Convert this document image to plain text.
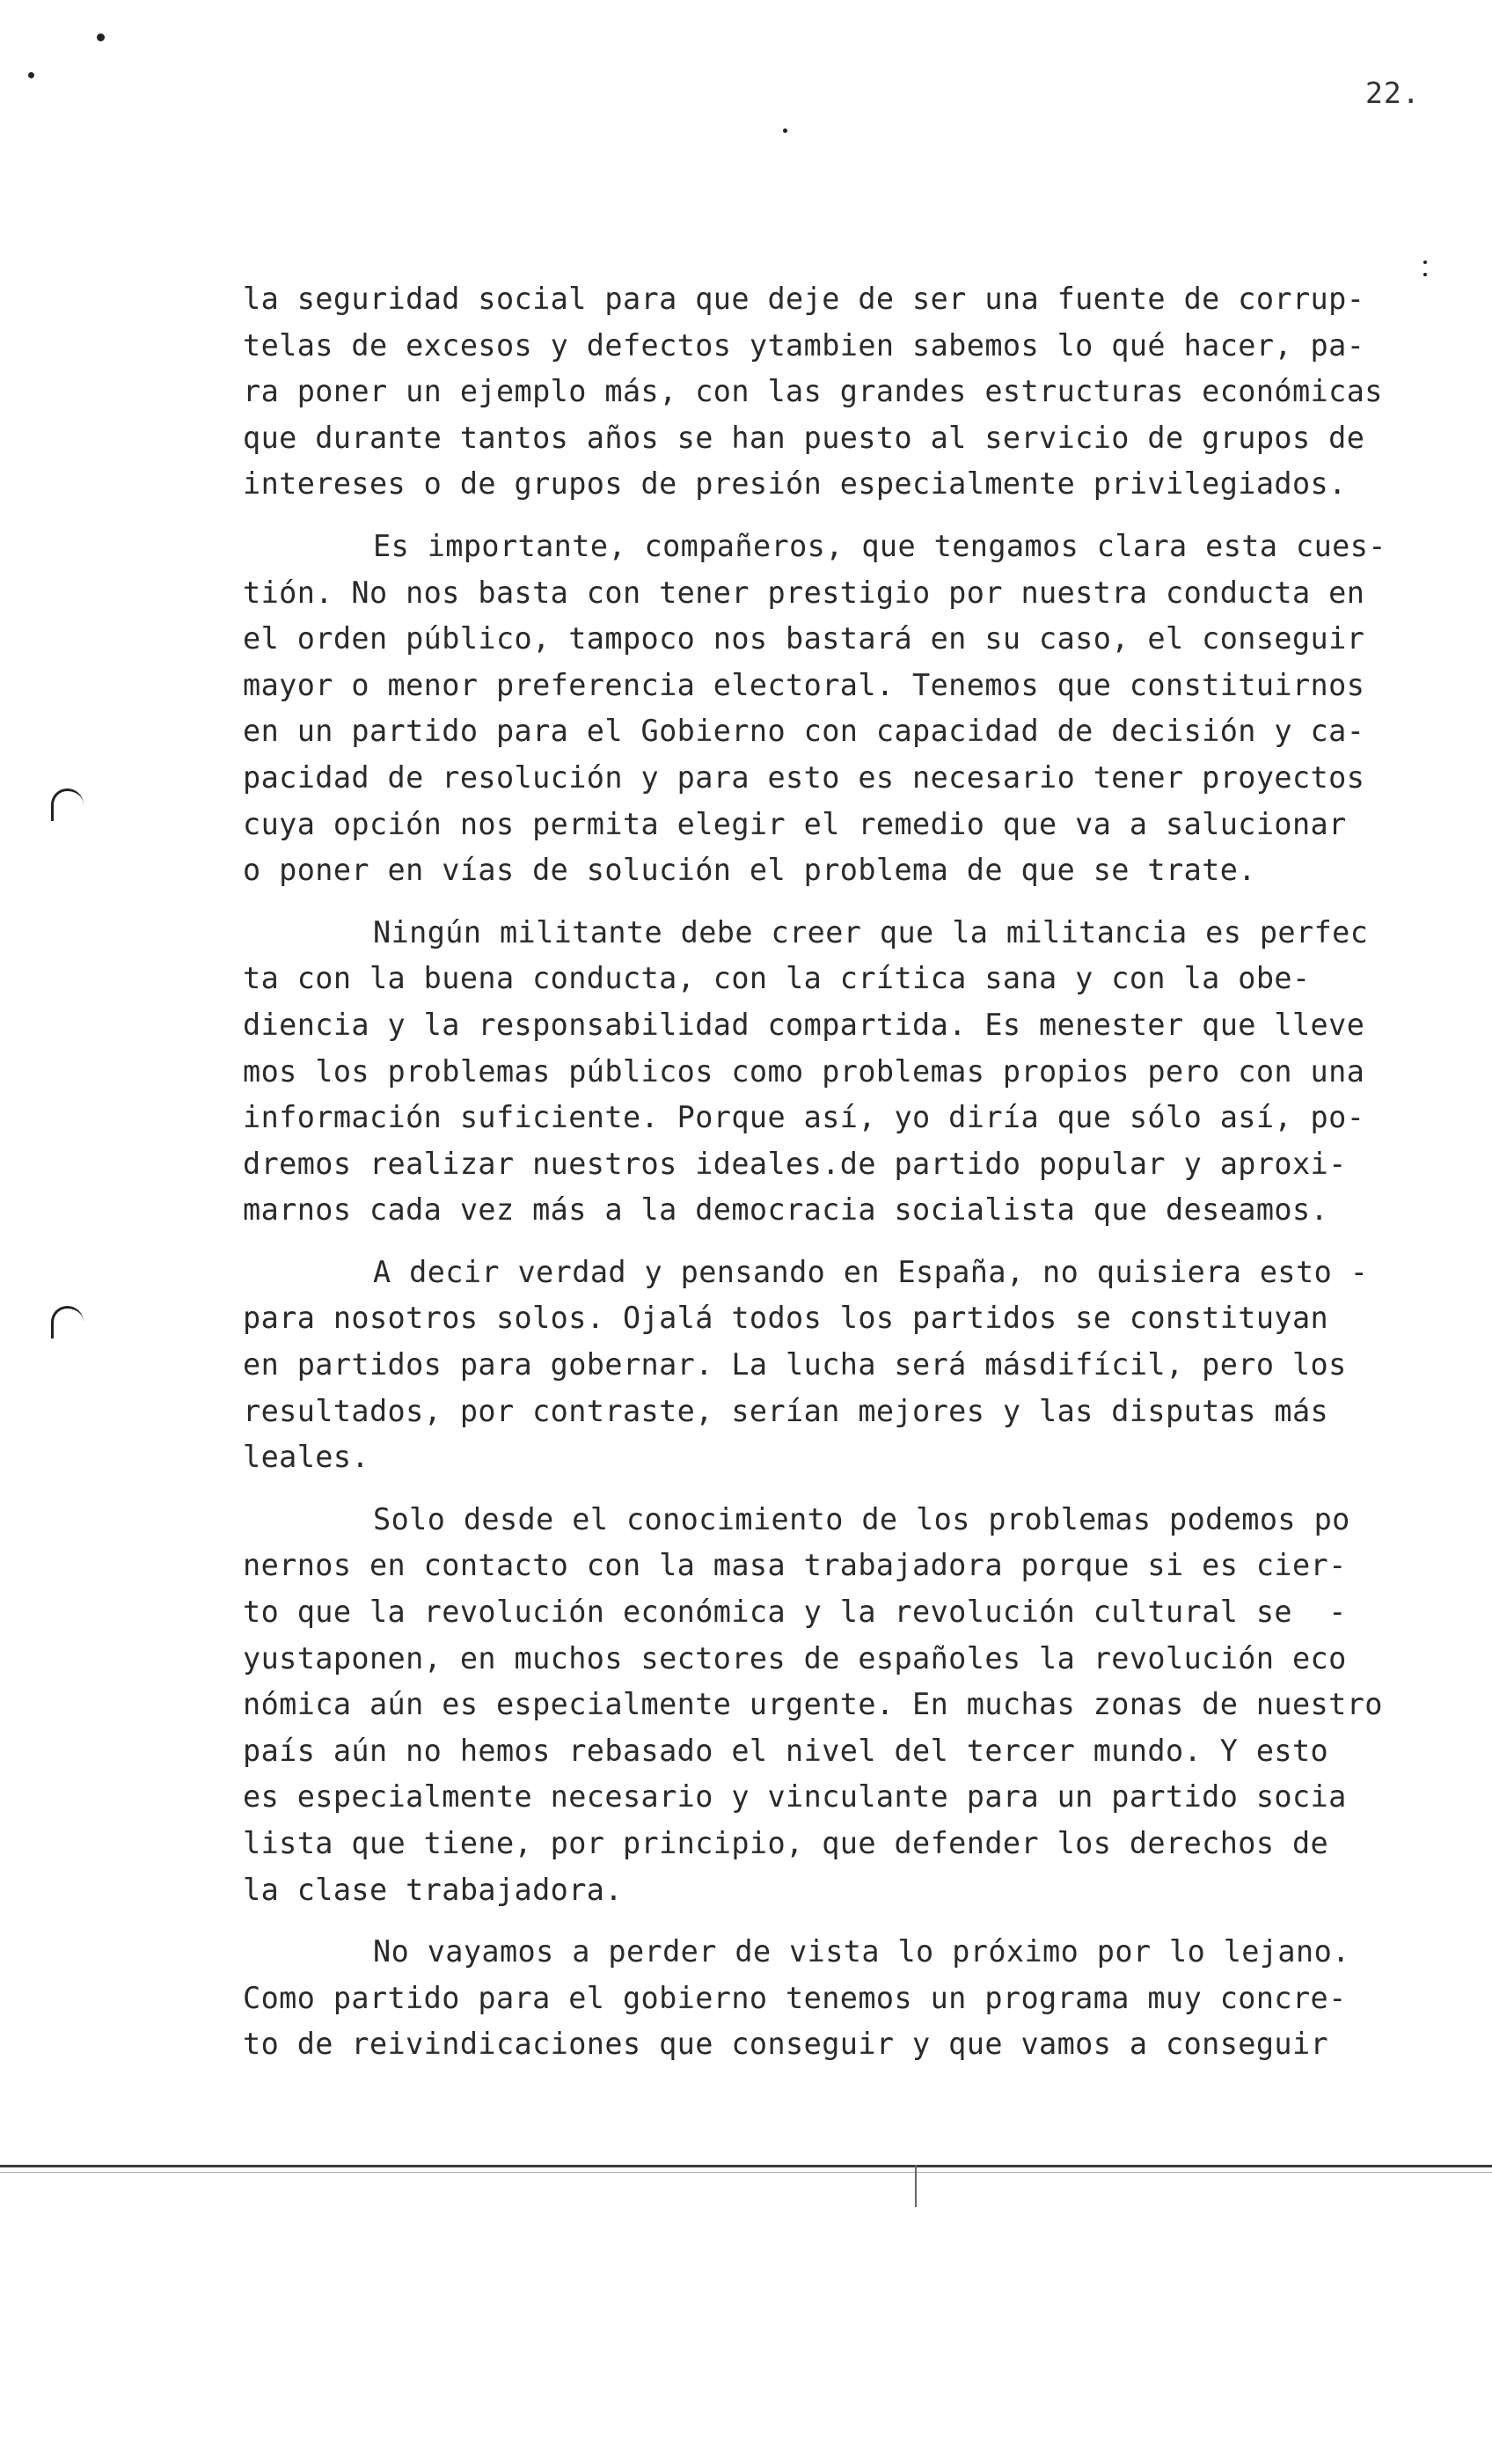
22.
la seguridad social para que deje de ser una fuente de corrup-
telas de excesos y defectos ytambien sabemos lo qué hacer, pa-
ra poner un ejemplo más, con las grandes estructuras económicas
que durante tantos años se han puesto al servicio de grupos de
intereses o de grupos de presión especialmente privilegiados.
Es importante, compañeros, que tengamos clara esta cues-
tión. No nos basta con tener prestigio por nuestra conducta en
el orden público, tampoco nos bastará en su caso, el conseguir
mayor o menor preferencia electoral. Tenemos que constituirnos
en un partido para el Gobierno con capacidad de decisión y ca-
pacidad de resolución y para esto es necesario tener proyectos
cuya opción nos permita elegir el remedio que va a salucionar
o poner en vías de solución el problema de que se trate.
Ningún militante debe creer que la militancia es perfec
ta con la buena conducta, con la crítica sana y con la obe-
diencia y la responsabilidad compartida. Es menester que lleve
mos los problemas públicos como problemas propios pero con una
información suficiente. Porque así, yo diría que sólo así, po-
dremos realizar nuestros ideales.de partido popular y aproxi-
marnos cada vez más a la democracia socialista que deseamos.
A decir verdad y pensando en España, no quisiera esto -
para nosotros solos. Ojalá todos los partidos se constituyan
en partidos para gobernar. La lucha será másdifícil, pero los
resultados, por contraste, serían mejores y las disputas más
leales.
Solo desde el conocimiento de los problemas podemos po
nernos en contacto con la masa trabajadora porque si es cier-
to que la revolución económica y la revolución cultural se  -
yustaponen, en muchos sectores de españoles la revolución eco
nómica aún es especialmente urgente. En muchas zonas de nuestro
país aún no hemos rebasado el nivel del tercer mundo. Y esto
es especialmente necesario y vinculante para un partido socia
lista que tiene, por principio, que defender los derechos de
la clase trabajadora.
No vayamos a perder de vista lo próximo por lo lejano.
Como partido para el gobierno tenemos un programa muy concre-
to de reivindicaciones que conseguir y que vamos a conseguir
